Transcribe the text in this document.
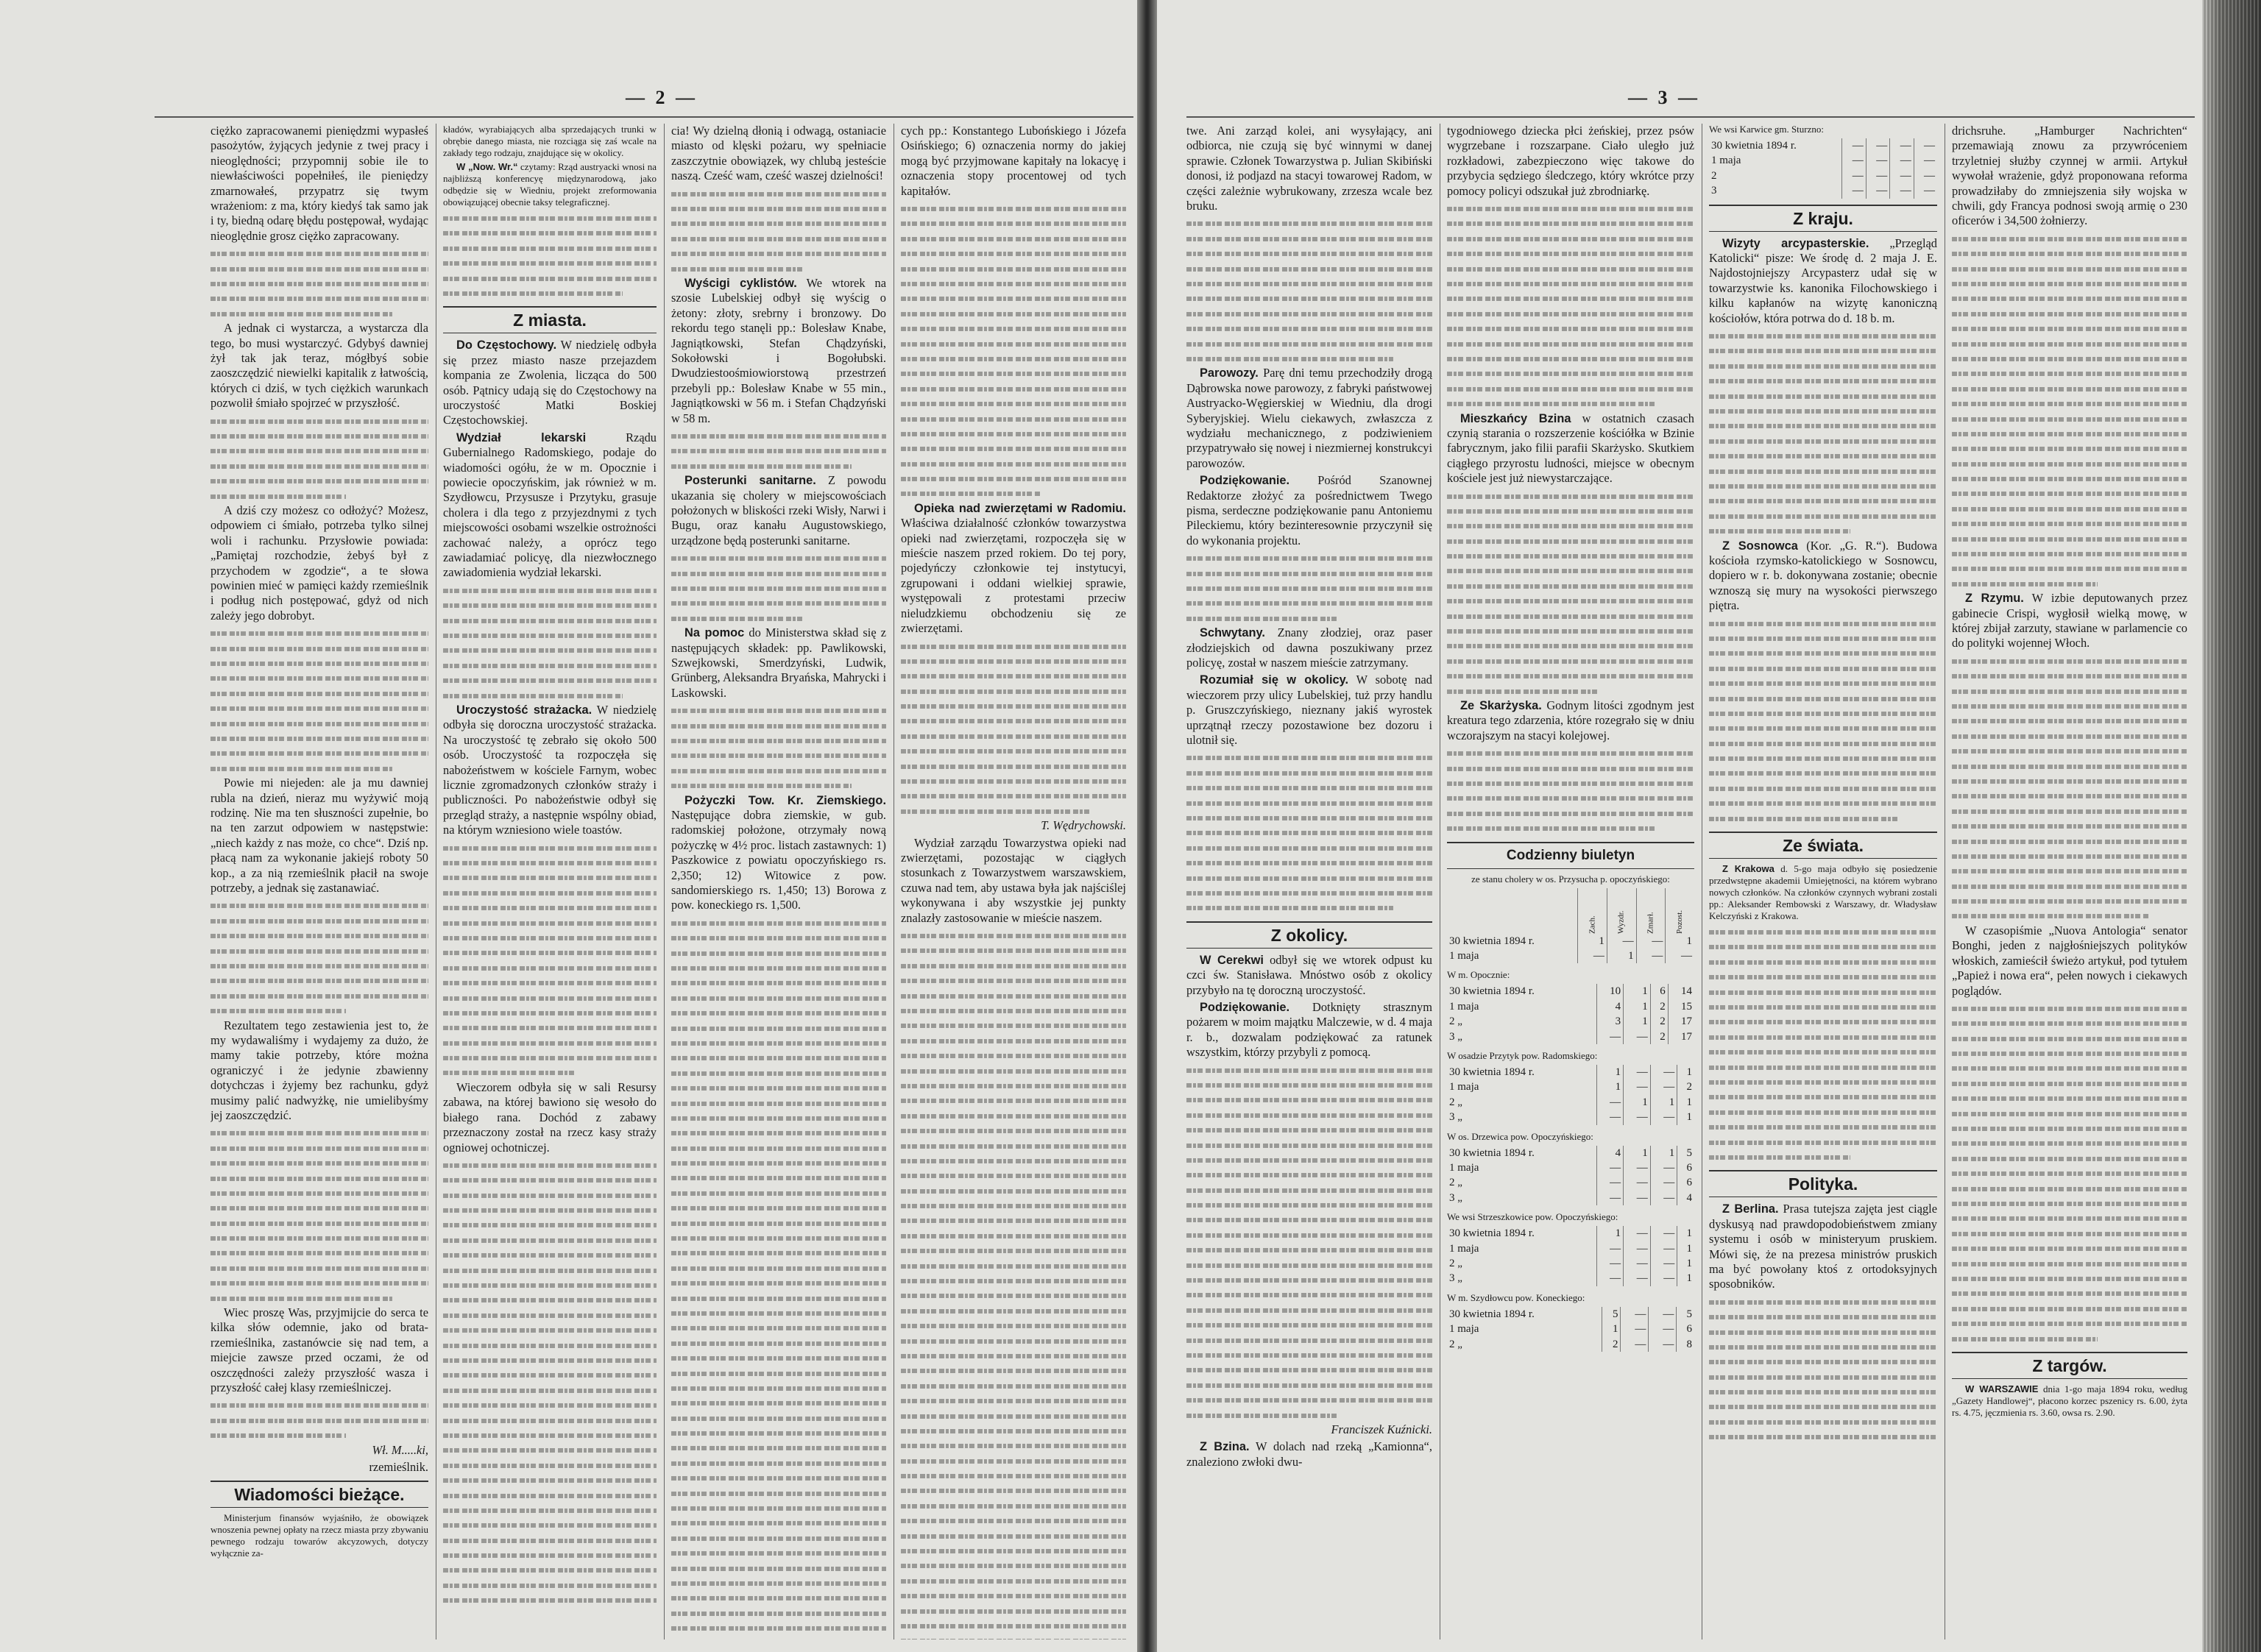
— 2 —

ciężko zapracowanemi pieniędzmi wypasłeś pasożytów, żyjących jedynie z twej pracy i nieoględności; przypomnij sobie ile to niewłaściwości popełniłeś, ile pieniędzy zmarnowałeś, przypatrz się twym wrażeniom: z ma, który kiedyś tak samo jak i ty, biedną odarę błędu postępował, wydając nieoględnie grosz ciężko zapracowany.

A jednak ci wystarcza, a wystarcza dla tego, bo musi wystarczyć. Gdybyś dawniej żył tak jak teraz, mógłbyś sobie zaoszczędzić niewielki kapitalik z łatwością, których ci dziś, w tych ciężkich warunkach pozwolił śmiało spojrzeć w przyszłość.

A dziś czy możesz co odłożyć? Możesz, odpowiem ci śmiało, potrzeba tylko silnej woli i rachunku. Przysłowie powiada: „Pamiętaj rozchodzie, żebyś był z przychodem w zgodzie“, a te słowa powinien mieć w pamięci każdy rzemieślnik i podług nich postępować, gdyż od nich zależy jego dobrobyt.

Powie mi niejeden: ale ja mu dawniej rubla na dzień, nieraz mu wyżywić moją rodzinę. Nie ma ten słuszności zupełnie, bo na ten zarzut odpowiem w następstwie: „niech każdy z nas może, co chce“. Dziś np. płacą nam za wykonanie jakiejś roboty 50 kop., a za nią rzemieślnik płacił na swoje potrzeby, a jednak się zastanawiać.

Rezultatem tego zestawienia jest to, że my wydawaliśmy i wydajemy za dużo, że mamy takie potrzeby, które można ograniczyć i że jedynie zbawienny dotychczas i żyjemy bez rachunku, gdyż musimy palić nadwyżkę, nie umielibyśmy jej zaoszczędzić.

Wiec proszę Was, przyjmijcie do serca te kilka słów odemnie, jako od brata-rzemieślnika, zastanówcie się nad tem, a miejcie zawsze przed oczami, że od oszczędności zależy przyszłość wasza i przyszłość całej klasy rzemieślniczej.

Wł. M.....ki,

rzemieślnik.

Wiadomości bieżące.

Ministerjum finansów wyjaśniło, że obowiązek wnoszenia pewnej opłaty na rzecz miasta przy zbywaniu pewnego rodzaju towarów akcyzowych, dotyczy wyłącznie za-

kładów, wyrabiających alba sprzedających trunki w obrębie danego miasta, nie rozciąga się zaś wcale na zakłady tego rodzaju, znajdujące się w okolicy.

W „Now. Wr.“ czytamy: Rząd austryacki wnosi na najbliższą konferencyę międzynarodową, jako odbędzie się w Wiedniu, projekt zreformowania obowiązującej obecnie taksy telegraficznej.

Z miasta.

Do Częstochowy. W niedzielę odbyła się przez miasto nasze przejazdem kompania ze Zwolenia, licząca do 500 osób. Pątnicy udają się do Częstochowy na uroczystość Matki Boskiej Częstochowskiej.

Wydział lekarski	Rządu Gubernialnego Radomskiego, podaje do wiadomości ogółu, że w m. Opocznie i powiecie opoczyńskim, jak również w m. Szydłowcu, Przysusze i Przytyku, grasuje cholera i dla tego z przyjezdnymi z tych miejscowości osobami wszelkie ostrożności zachować należy, a oprócz tego zawiadamiać policyę, dla niezwłocznego zawiadomienia wydział lekarski.

Uroczystość strażacka. W niedzielę odbyła się doroczna uroczystość strażacka. Na uroczystość tę zebrało się około 500 osób. Uroczystość ta rozpoczęła się nabożeństwem w kościele Farnym, wobec licznie zgromadzonych członków straży i publiczności. Po nabożeństwie odbył się przegląd straży, a następnie wspólny obiad, na którym wzniesiono wiele toastów.

Wieczorem odbyła się w sali Resursy zabawa, na której bawiono się wesoło do białego rana. Dochód z zabawy przeznaczony został na rzecz kasy straży ogniowej ochotniczej.

cia! Wy dzielną dłonią i odwagą, ostaniacie miasto od klęski pożaru, wy spełniacie zaszczytnie obowiązek, wy chlubą jesteście naszą. Cześć wam, cześć waszej dzielności!

Wyścigi cyklistów. We wtorek na szosie Lubelskiej odbył się wyścig o żetony: złoty, srebrny i bronzowy. Do rekordu tego stanęli pp.: Bolesław Knabe, Jagniątkowski, Stefan Chądzyński, Sokołowski i Bogołubski. Dwudziestoośmiowiorstową przestrzeń przebyli pp.: Bolesław Knabe w 55 min., Jagniątkowski w 56 m. i Stefan Chądzyński w 58 m.

Posterunki sanitarne. Z powodu ukazania się cholery w miejscowościach położonych w bliskości rzeki Wisły, Narwi i Bugu, oraz kanału Augustowskiego, urządzone będą posterunki sanitarne.

Na pomoc do Ministerstwa skład się z następujących składek: pp. Pawlikowski, Szwejkowski, Smerdzyński, Ludwik, Grünberg, Aleksandra Bryańska, Mahrycki i Laskowski.

Pożyczki Tow. Kr. Ziemskiego. Następujące dobra ziemskie, w gub. radomskiej położone, otrzymały nową pożyczkę w 4½ proc. listach zastawnych: 1) Paszkowice z powiatu opoczyńskiego rs. 2,350; 12) Witowice z pow. sandomierskiego rs. 1,450; 13) Borowa z pow. koneckiego rs. 1,500.

cych pp.: Konstantego Lubońskiego i Józefa Osińskiego; 6) oznaczenia normy do jakiej mogą być przyjmowane kapitały na lokacyę i oznaczenia stopy procentowej od tych kapitałów.

Opieka nad zwierzętami w Radomiu. Właściwa działalność członków towarzystwa opieki nad zwierzętami, rozpoczęła się w mieście naszem przed rokiem. Do tej pory, pojedyńczy członkowie tej instytucyi, zgrupowani i oddani wielkiej sprawie, występowali z protestami przeciw nieludzkiemu obchodzeniu się ze zwierzętami.

T. Wędrychowski.

Wydział zarządu Towarzystwa opieki nad zwierzętami, pozostając w ciągłych stosunkach z Towarzystwem warszawskiem, czuwa nad tem, aby ustawa była jak najściślej wykonywana i aby wszystkie jej punkty znalazły zastosowanie w mieście naszem.

— 3 —

twe. Ani zarząd kolei, ani wysyłający, ani odbiorca, nie czują się być winnymi w danej sprawie. Członek Towarzystwa p. Julian Skibiński donosi, iż podjazd na stacyi towarowej Radom, w części zależnie wybrukowany, zrzesza wcale bez bruku.

Parowozy. Parę dni temu przechodziły drogą Dąbrowska nowe parowozy, z fabryki państwowej Austryacko-Węgierskiej w Wiedniu, dla drogi Syberyjskiej. Wielu ciekawych, zwłaszcza z wydziału mechanicznego, z podziwieniem przypatrywało się nowej i niezmiernej konstrukcyi parowozów.

Podziękowanie. Pośród Szanownej Redaktorze złożyć za pośrednictwem Twego pisma, serdeczne podziękowanie panu Antoniemu Pileckiemu, który bezinteresownie przyczynił się do wykonania projektu.

Schwytany. Znany złodziej, oraz paser złodziejskich od dawna poszukiwany przez policyę, został w naszem mieście zatrzymany.

Rozumiał się w okolicy. W sobotę nad wieczorem przy ulicy Lubelskiej, tuż przy handlu p. Gruszczyńskiego, nieznany jakiś wyrostek uprzątnął rzeczy pozostawione bez dozoru i ulotnił się.

Z okolicy.

W Cerekwi odbył się we wtorek odpust ku czci św. Stanisława. Mnóstwo osób z okolicy przybyło na tę doroczną uroczystość.

Podziękowanie. Dotknięty strasznym pożarem w moim majątku Malczewie, w d. 4 maja r. b., dozwalam podziękować za ratunek wszystkim, którzy przybyli z pomocą.

Franciszek Kuźnicki.

Z Bzina. W dolach nad rzeką „Kamionna“, znaleziono zwłoki dwu-

tygodniowego dziecka płci żeńskiej, przez psów wygrzebane i rozszarpane. Ciało uległo już rozkładowi, zabezpieczono więc takowe do przybycia sędziego śledczego, który wkrótce przy pomocy policyi odszukał już zbrodniarkę.

Mieszkańcy Bzina w ostatnich czasach czynią starania o rozszerzenie kościółka w Bzinie fabrycznym, jako filii parafii Skarżysko. Skutkiem ciągłego przyrostu ludności, miejsce w obecnym kościele jest już niewystarczające.

Ze Skarżyska. Godnym litości zgodnym jest kreatura tego zdarzenia, które rozegrało się w dniu wczorajszym na stacyi kolejowej.

Codzienny biuletyn

ze stanu cholery w os. Przysucha p. opoczyńskiego:

	Zach.	Wyzdr.	Zmarł.	Pozost.
30 kwietnia 1894 r.	1	—	—	1
1 maja	—	1	—	—

W m. Opocznie:

30 kwietnia 1894 r.	10	1	6	14
1 maja	4	1	2	15
2 „	3	1	2	17
3 „	—	—	2	17

W osadzie Przytyk pow. Radomskiego:

30 kwietnia 1894 r.	1	—	—	1
1 maja	1	—	—	2
2 „	—	1	1	1
3 „	—	—	—	1

W os. Drzewica pow. Opoczyńskiego:

30 kwietnia 1894 r.	4	1	1	5
1 maja	—	—	—	6
2 „	—	—	—	6
3 „	—	—	—	4

We wsi Strzeszkowice pow. Opoczyńskiego:

30 kwietnia 1894 r.	1	—	—	1
1 maja	—	—	—	1
2 „	—	—	—	1
3 „	—	—	—	1

W m. Szydłowcu pow. Koneckiego:

30 kwietnia 1894 r.	5	—	—	5
1 maja	1	—	—	6
2 „	2	—	—	8

We wsi Karwice gm. Sturzno:

30 kwietnia 1894 r.	—	—	—	—
1 maja	—	—	—	—
2	—	—	—	—
3	—	—	—	—
Z kraju.

Wizyty arcypasterskie. „Przegląd Katolicki“ pisze: We środę d. 2 maja J. E. Najdostojniejszy Arcypasterz udał się w towarzystwie ks. kanonika Filochowskiego i kilku kapłanów na wizytę kanoniczną kościołów, która potrwa do d. 18 b. m.

Z Sosnowca (Kor. „G. R.“). Budowa kościoła rzymsko-katolickiego w Sosnowcu, dopiero w r. b. dokonywana zostanie; obecnie wznoszą się mury na wysokości pierwszego piętra.

Ze świata.

Z Krakowa d. 5-go maja odbyło się posiedzenie przedwstępne akademii Umiejętności, na którem wybrano nowych członków. Na członków czynnych wybrani zostali pp.: Aleksander Rembowski z Warszawy, dr. Władysław Kelczyński z Krakowa.

Polityka.

Z Berlina. Prasa tutejsza zajęta jest ciągle dyskusyą nad prawdopodobieństwem zmiany systemu i osób w ministeryum pruskiem. Mówi się, że na prezesa ministrów pruskich ma być powołany ktoś z ortodoksyjnych sposobników.

drichsruhe. „Hamburger Nachrichten“ przemawiają znowu za przywróceniem trzyletniej służby czynnej w armii. Artykuł wywołał wrażenie, gdyż proponowana reforma prowadziłaby do zmniejszenia siły wojska w chwili, gdy Francya podnosi swoją armię o 230 oficerów i 34,500 żołnierzy.

Z Rzymu. W izbie deputowanych przez gabinecie Crispi, wygłosił wielką mowę, w której zbijał zarzuty, stawiane w parlamencie co do polityki wojennej Włoch.

W czasopiśmie „Nuova Antologia“ senator Bonghi, jeden z najgłośniejszych polityków włoskich, zamieścił świeżo artykuł, pod tytułem „Papież i nowa era“, pełen nowych i ciekawych poglądów.

Z targów.

W WARSZAWIE dnia 1-go maja 1894 roku, według „Gazety Handlowej“, płacono korzec pszenicy rs. 6.00, żyta rs. 4.75, jęczmienia rs. 3.60, owsa rs. 2.90.
